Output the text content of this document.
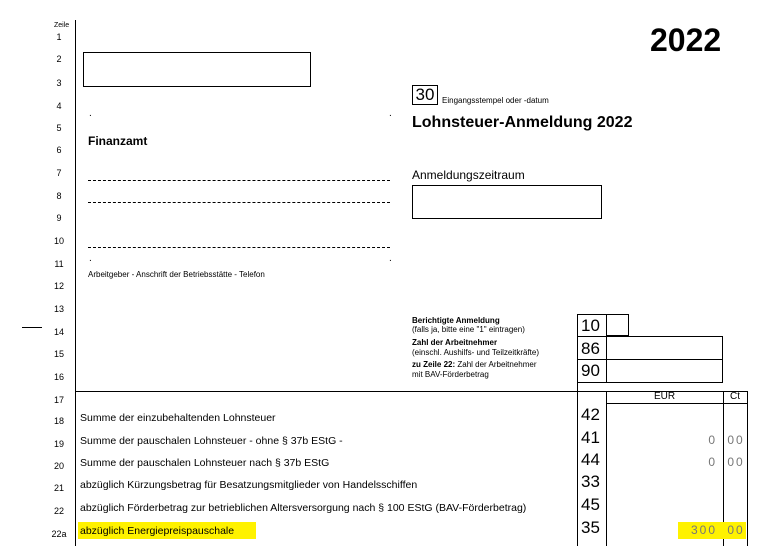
Zeile
1
2
3
4
5
6
7
8
9
10
11
12
13
14
15
16
17
18
19
20
21
22
22a
2022
.	.
.	.
Finanzamt
Arbeitgeber - Anschrift der Betriebsstätte - Telefon
30 Eingangsstempel oder -datum
Lohnsteuer-Anmeldung 2022
Anmeldungszeitraum
Berichtigte Anmeldung
(falls ja, bitte eine "1" eintragen)
Zahl der Arbeitnehmer
(einschl. Aushilfs- und Teilzeitkräfte)
zu Zeile 22: Zahl der Arbeitnehmer
mit BAV-Förderbetrag
10
86
90
EUR	Ct
Summe der einzubehaltenden Lohnsteuer	42
Summe der pauschalen Lohnsteuer - ohne § 37b EStG -	41	0 00
Summe der pauschalen Lohnsteuer nach § 37b EStG	44	0 00
abzüglich Kürzungsbetrag für Besatzungsmitglieder von Handelsschiffen	33
abzüglich Förderbetrag zur betrieblichen Altersversorgung nach § 100 EStG (BAV-Förderbetrag)	45
abzüglich Energiepreispauschale	35	300 00
